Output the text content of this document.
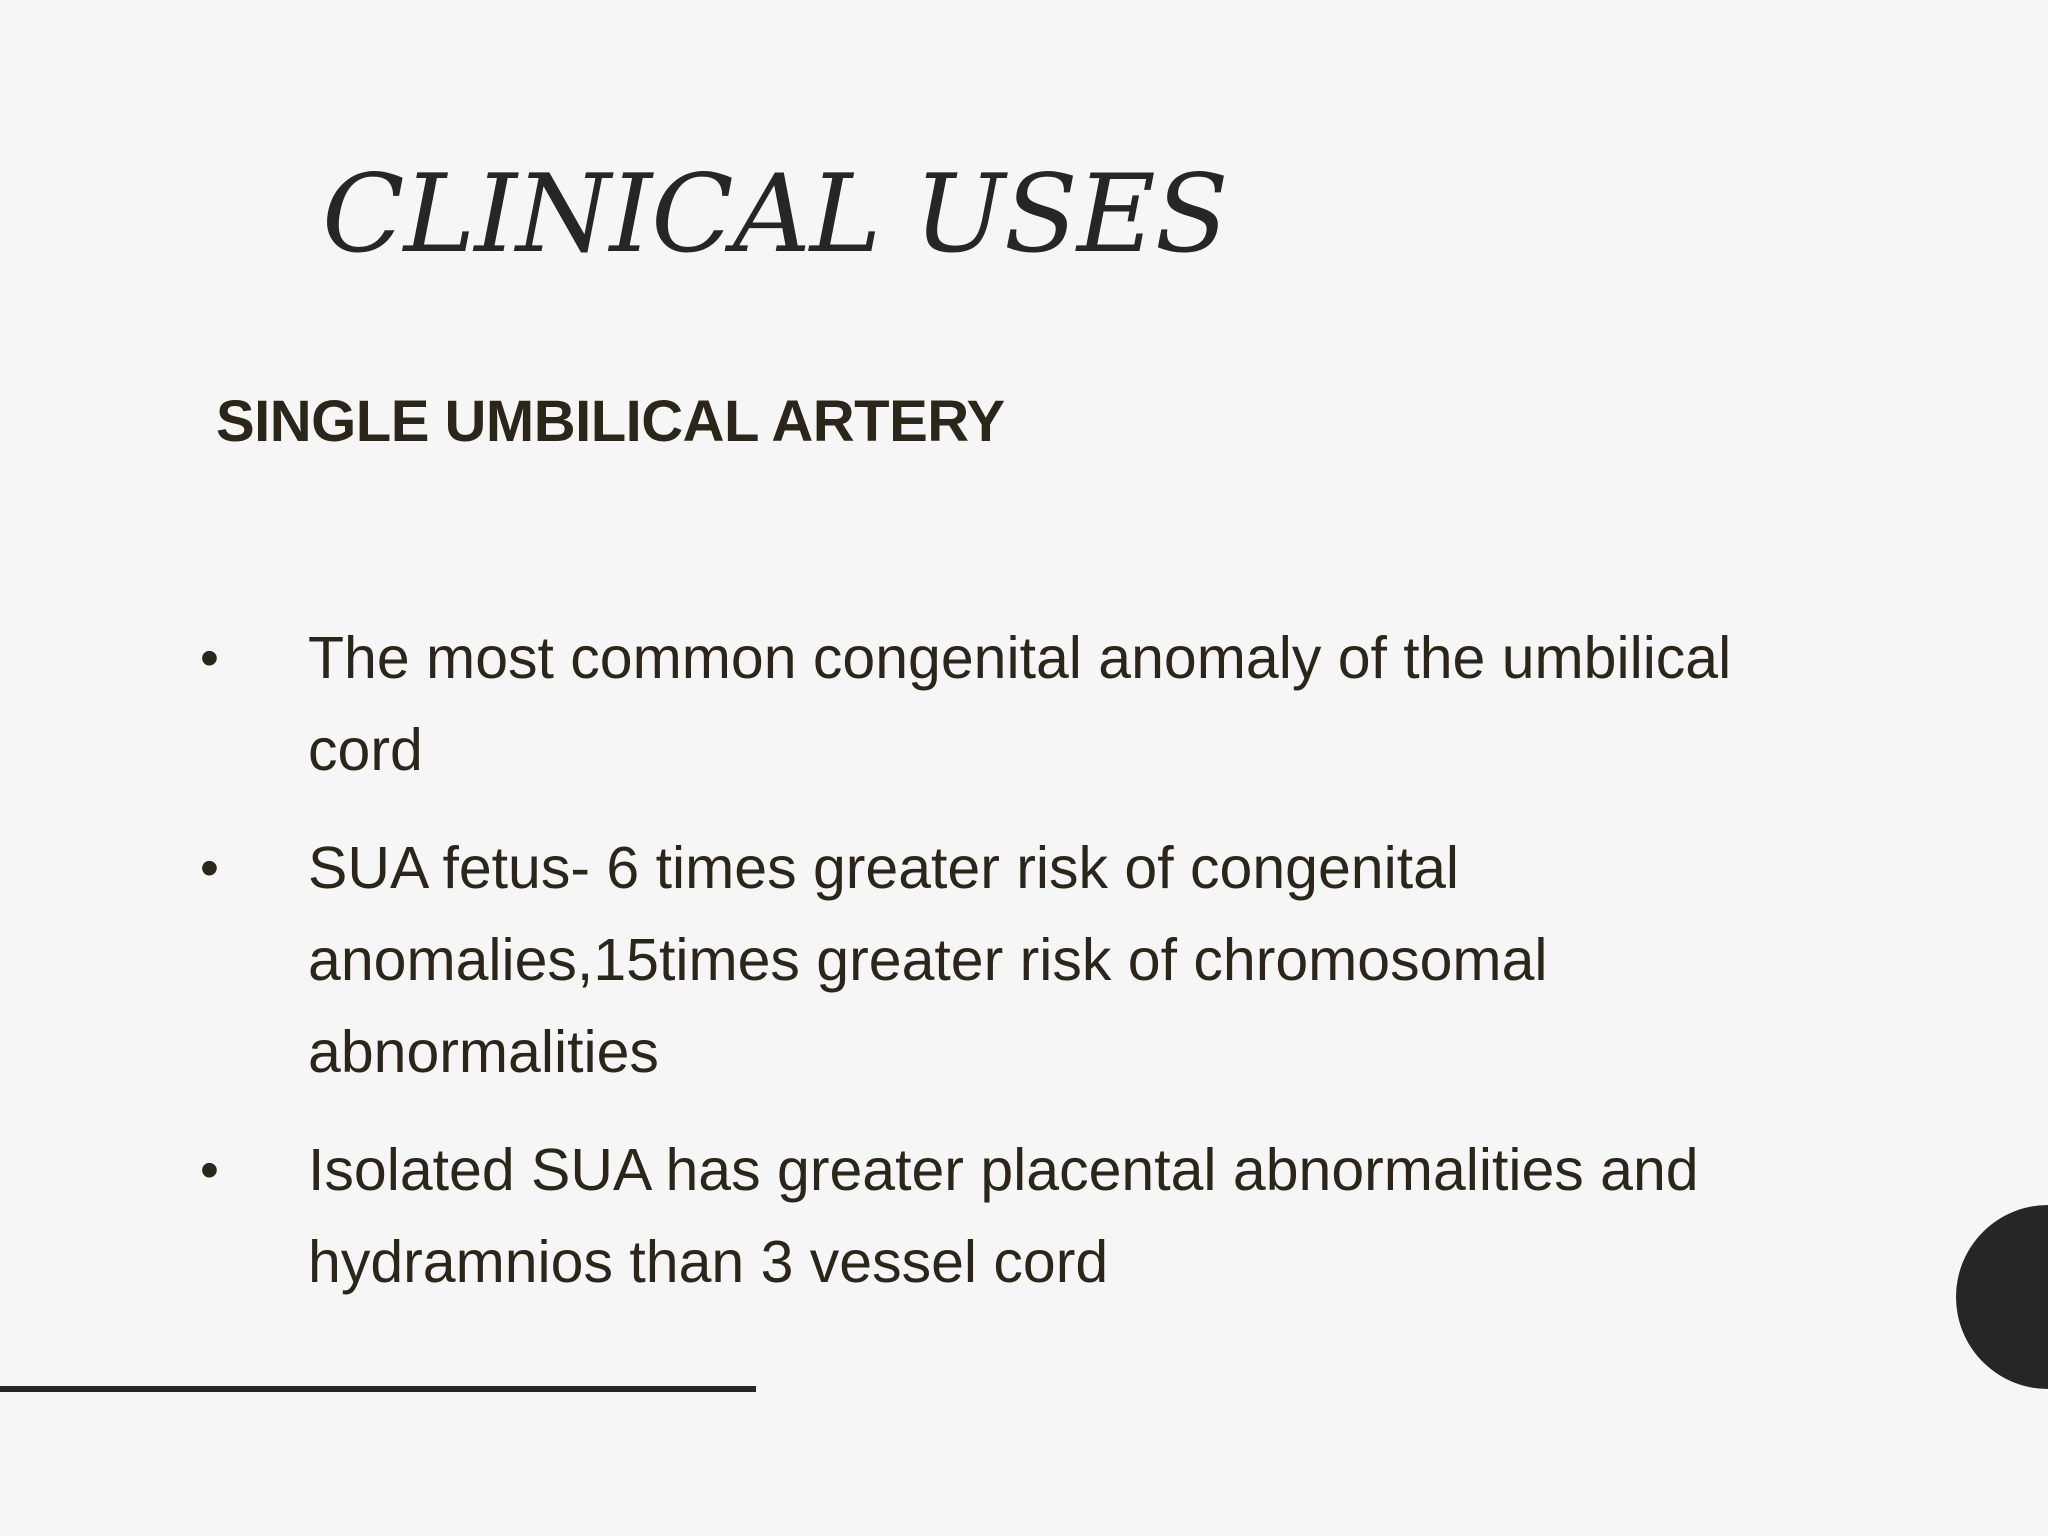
CLINICAL USES
SINGLE UMBILICAL ARTERY
•	The most common congenital anomaly of the umbilical cord
•	SUA fetus- 6 times greater risk of congenital anomalies,15times greater risk of chromosomal abnormalities
•	Isolated SUA has greater placental abnormalities and hydramnios than 3 vessel cord
